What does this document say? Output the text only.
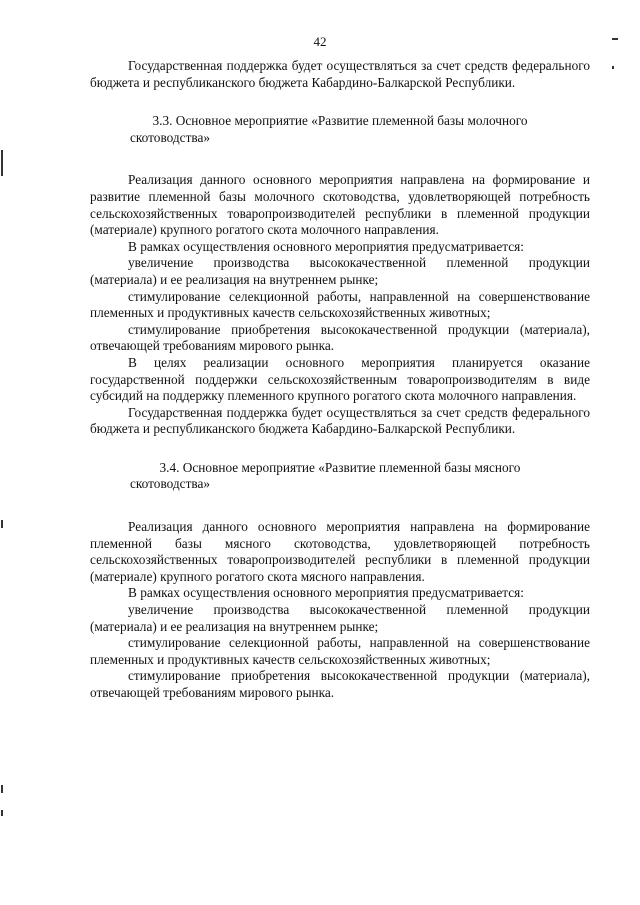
42

Государственная поддержка будет осуществляться за счет средств федерального бюджета и республиканского бюджета Кабардино-Балкарской Республики.

3.3. Основное мероприятие «Развитие племенной базы молочного скотоводства»

Реализация данного основного мероприятия направлена на формирование и развитие племенной базы молочного скотоводства, удовлетворяющей потребность сельскохозяйственных товаропроизводителей республики в племенной продукции (материале) крупного рогатого скота молочного направления.

В рамках осуществления основного мероприятия предусматривается:

увеличение производства высококачественной племенной продукции (материала) и ее реализация на внутреннем рынке;

стимулирование селекционной работы, направленной на совершенствование племенных и продуктивных качеств сельскохозяйственных животных;

стимулирование приобретения высококачественной продукции (материала), отвечающей требованиям мирового рынка.

В целях реализации основного мероприятия планируется оказание государственной поддержки сельскохозяйственным товаропроизводителям в виде субсидий на поддержку племенного крупного рогатого скота молочного направления.

Государственная поддержка будет осуществляться за счет средств федерального бюджета и республиканского бюджета Кабардино-Балкарской Республики.

3.4. Основное мероприятие «Развитие племенной базы мясного скотоводства»

Реализация данного основного мероприятия направлена на формирование племенной базы мясного скотоводства, удовлетворяющей потребность сельскохозяйственных товаропроизводителей республики в племенной продукции (материале) крупного рогатого скота мясного направления.

В рамках осуществления основного мероприятия предусматривается:

увеличение производства высококачественной племенной продукции (материала) и ее реализация на внутреннем рынке;

стимулирование селекционной работы, направленной на совершенствование племенных и продуктивных качеств сельскохозяйственных животных;

стимулирование приобретения высококачественной продукции (материала), отвечающей требованиям мирового рынка.
